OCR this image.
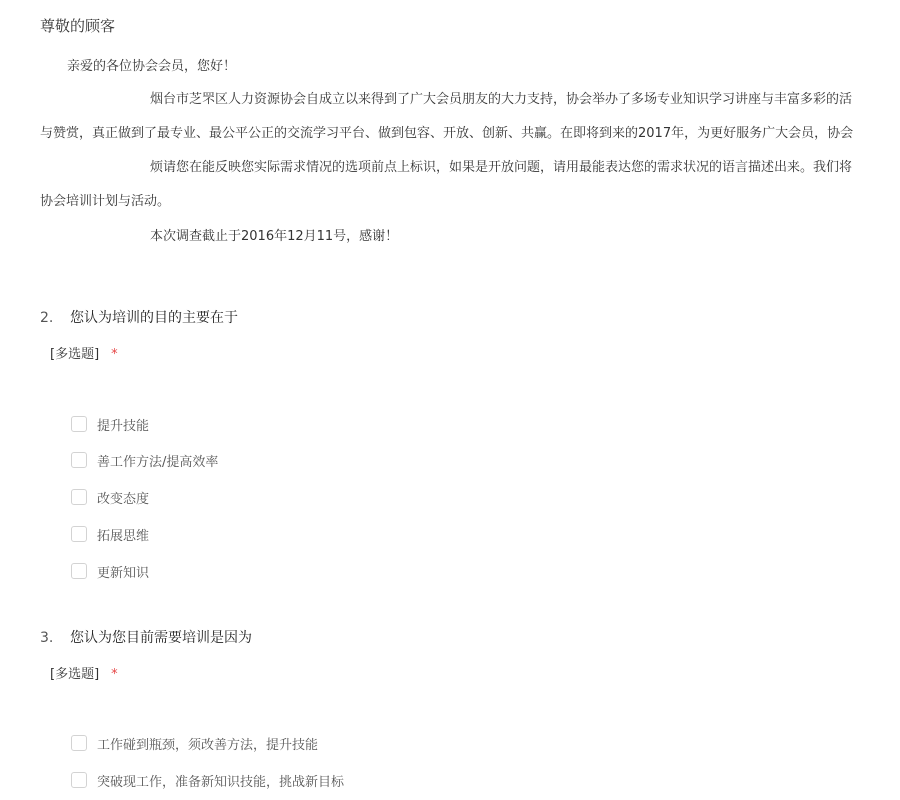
尊敬的顾客
亲爱的各位协会会员，您好！
烟台市芝罘区人力资源协会自成立以来得到了广大会员朋友的大力支持，协会举办了多场专业知识学习讲座与丰富多彩的活
与赞赏，真正做到了最专业、最公平公正的交流学习平台、做到包容、开放、创新、共赢。在即将到来的2017年，为更好服务广大会员，协会
烦请您在能反映您实际需求情况的选项前点上标识，如果是开放问题，请用最能表达您的需求状况的语言描述出来。我们将
协会培训计划与活动。
本次调查截止于2016年12月11号，感谢！
2. 您认为培训的目的主要在于
[多选题] *
提升技能
善工作方法/提高效率
改变态度
拓展思维
更新知识
3. 您认为您目前需要培训是因为
[多选题] *
工作碰到瓶颈，须改善方法，提升技能
突破现工作，准备新知识技能，挑战新目标
